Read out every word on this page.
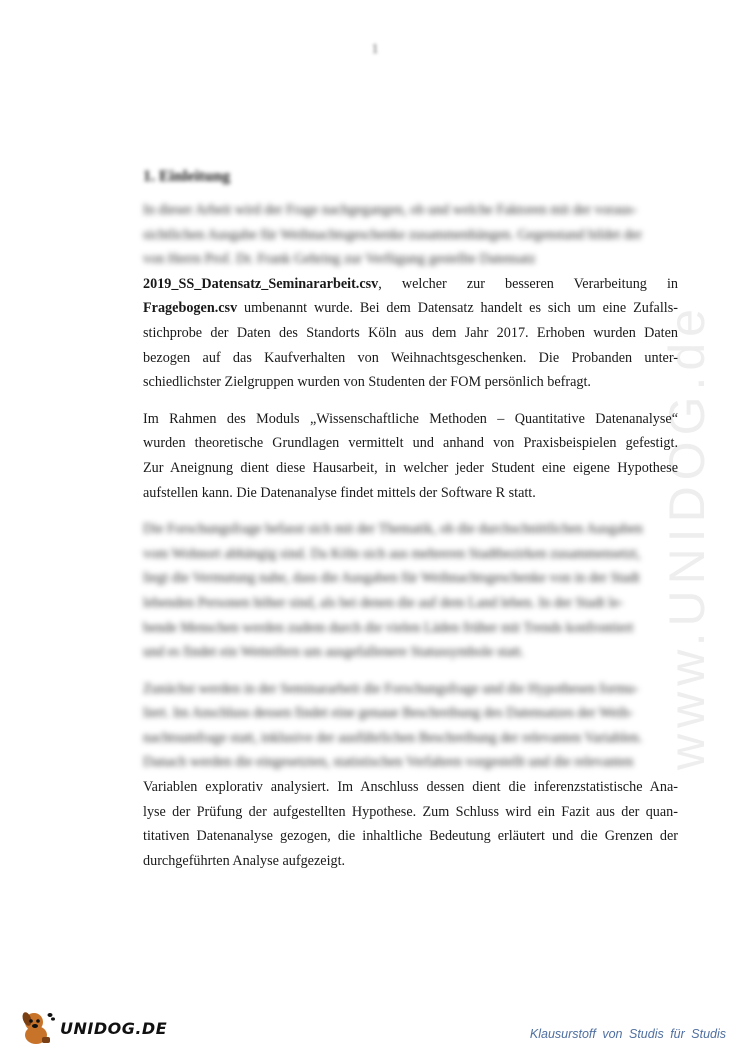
1
www.UNIDOG.de
1. Einleitung
In dieser Arbeit wird der Frage nachgegangen, ob und welche Faktoren mit der voraus-
sichtlichen Ausgabe für Weihnachtsgeschenke zusammenhängen. Gegenstand bildet der
von Herrn Prof. Dr. Frank Gehring zur Verfügung gestellte Datensatz
2019_SS_Datensatz_Seminararbeit.csv, welcher zur besseren Verarbeitung in
Fragebogen.csv umbenannt wurde. Bei dem Datensatz handelt es sich um eine Zufalls-
stichprobe der Daten des Standorts Köln aus dem Jahr 2017. Erhoben wurden Daten
bezogen auf das Kaufverhalten von Weihnachtsgeschenken. Die Probanden unter-
schiedlichster Zielgruppen wurden von Studenten der FOM persönlich befragt.
Im Rahmen des Moduls „Wissenschaftliche Methoden – Quantitative Datenanalyse“
wurden theoretische Grundlagen vermittelt und anhand von Praxisbeispielen gefestigt.
Zur Aneignung dient diese Hausarbeit, in welcher jeder Student eine eigene Hypothese
aufstellen kann. Die Datenanalyse findet mittels der Software R statt.
Die Forschungsfrage befasst sich mit der Thematik, ob die durchschnittlichen Ausgaben
vom Wohnort abhängig sind. Da Köln sich aus mehreren Stadtbezirken zusammensetzt,
liegt die Vermutung nahe, dass die Ausgaben für Weihnachtsgeschenke von in der Stadt
lebenden Personen höher sind, als bei denen die auf dem Land leben. In der Stadt le-
bende Menschen werden zudem durch die vielen Läden früher mit Trends konfrontiert
und es findet ein Wetteifern um ausgefallenere Statussymbole statt.
Zunächst werden in der Seminararbeit die Forschungsfrage und die Hypothesen formu-
liert. Im Anschluss dessen findet eine genaue Beschreibung des Datensatzes der Weih-
nachtsumfrage statt, inklusive der ausführlichen Beschreibung der relevanten Variablen.
Danach werden die eingesetzten, statistischen Verfahren vorgestellt und die relevanten
Variablen explorativ analysiert. Im Anschluss dessen dient die inferenzstatistische Ana-
lyse der Prüfung der aufgestellten Hypothese. Zum Schluss wird ein Fazit aus der quan-
titativen Datenanalyse gezogen, die inhaltliche Bedeutung erläutert und die Grenzen der
durchgeführten Analyse aufgezeigt.
UNIDOG.DE	Klausurstoff von Studis für Studis
